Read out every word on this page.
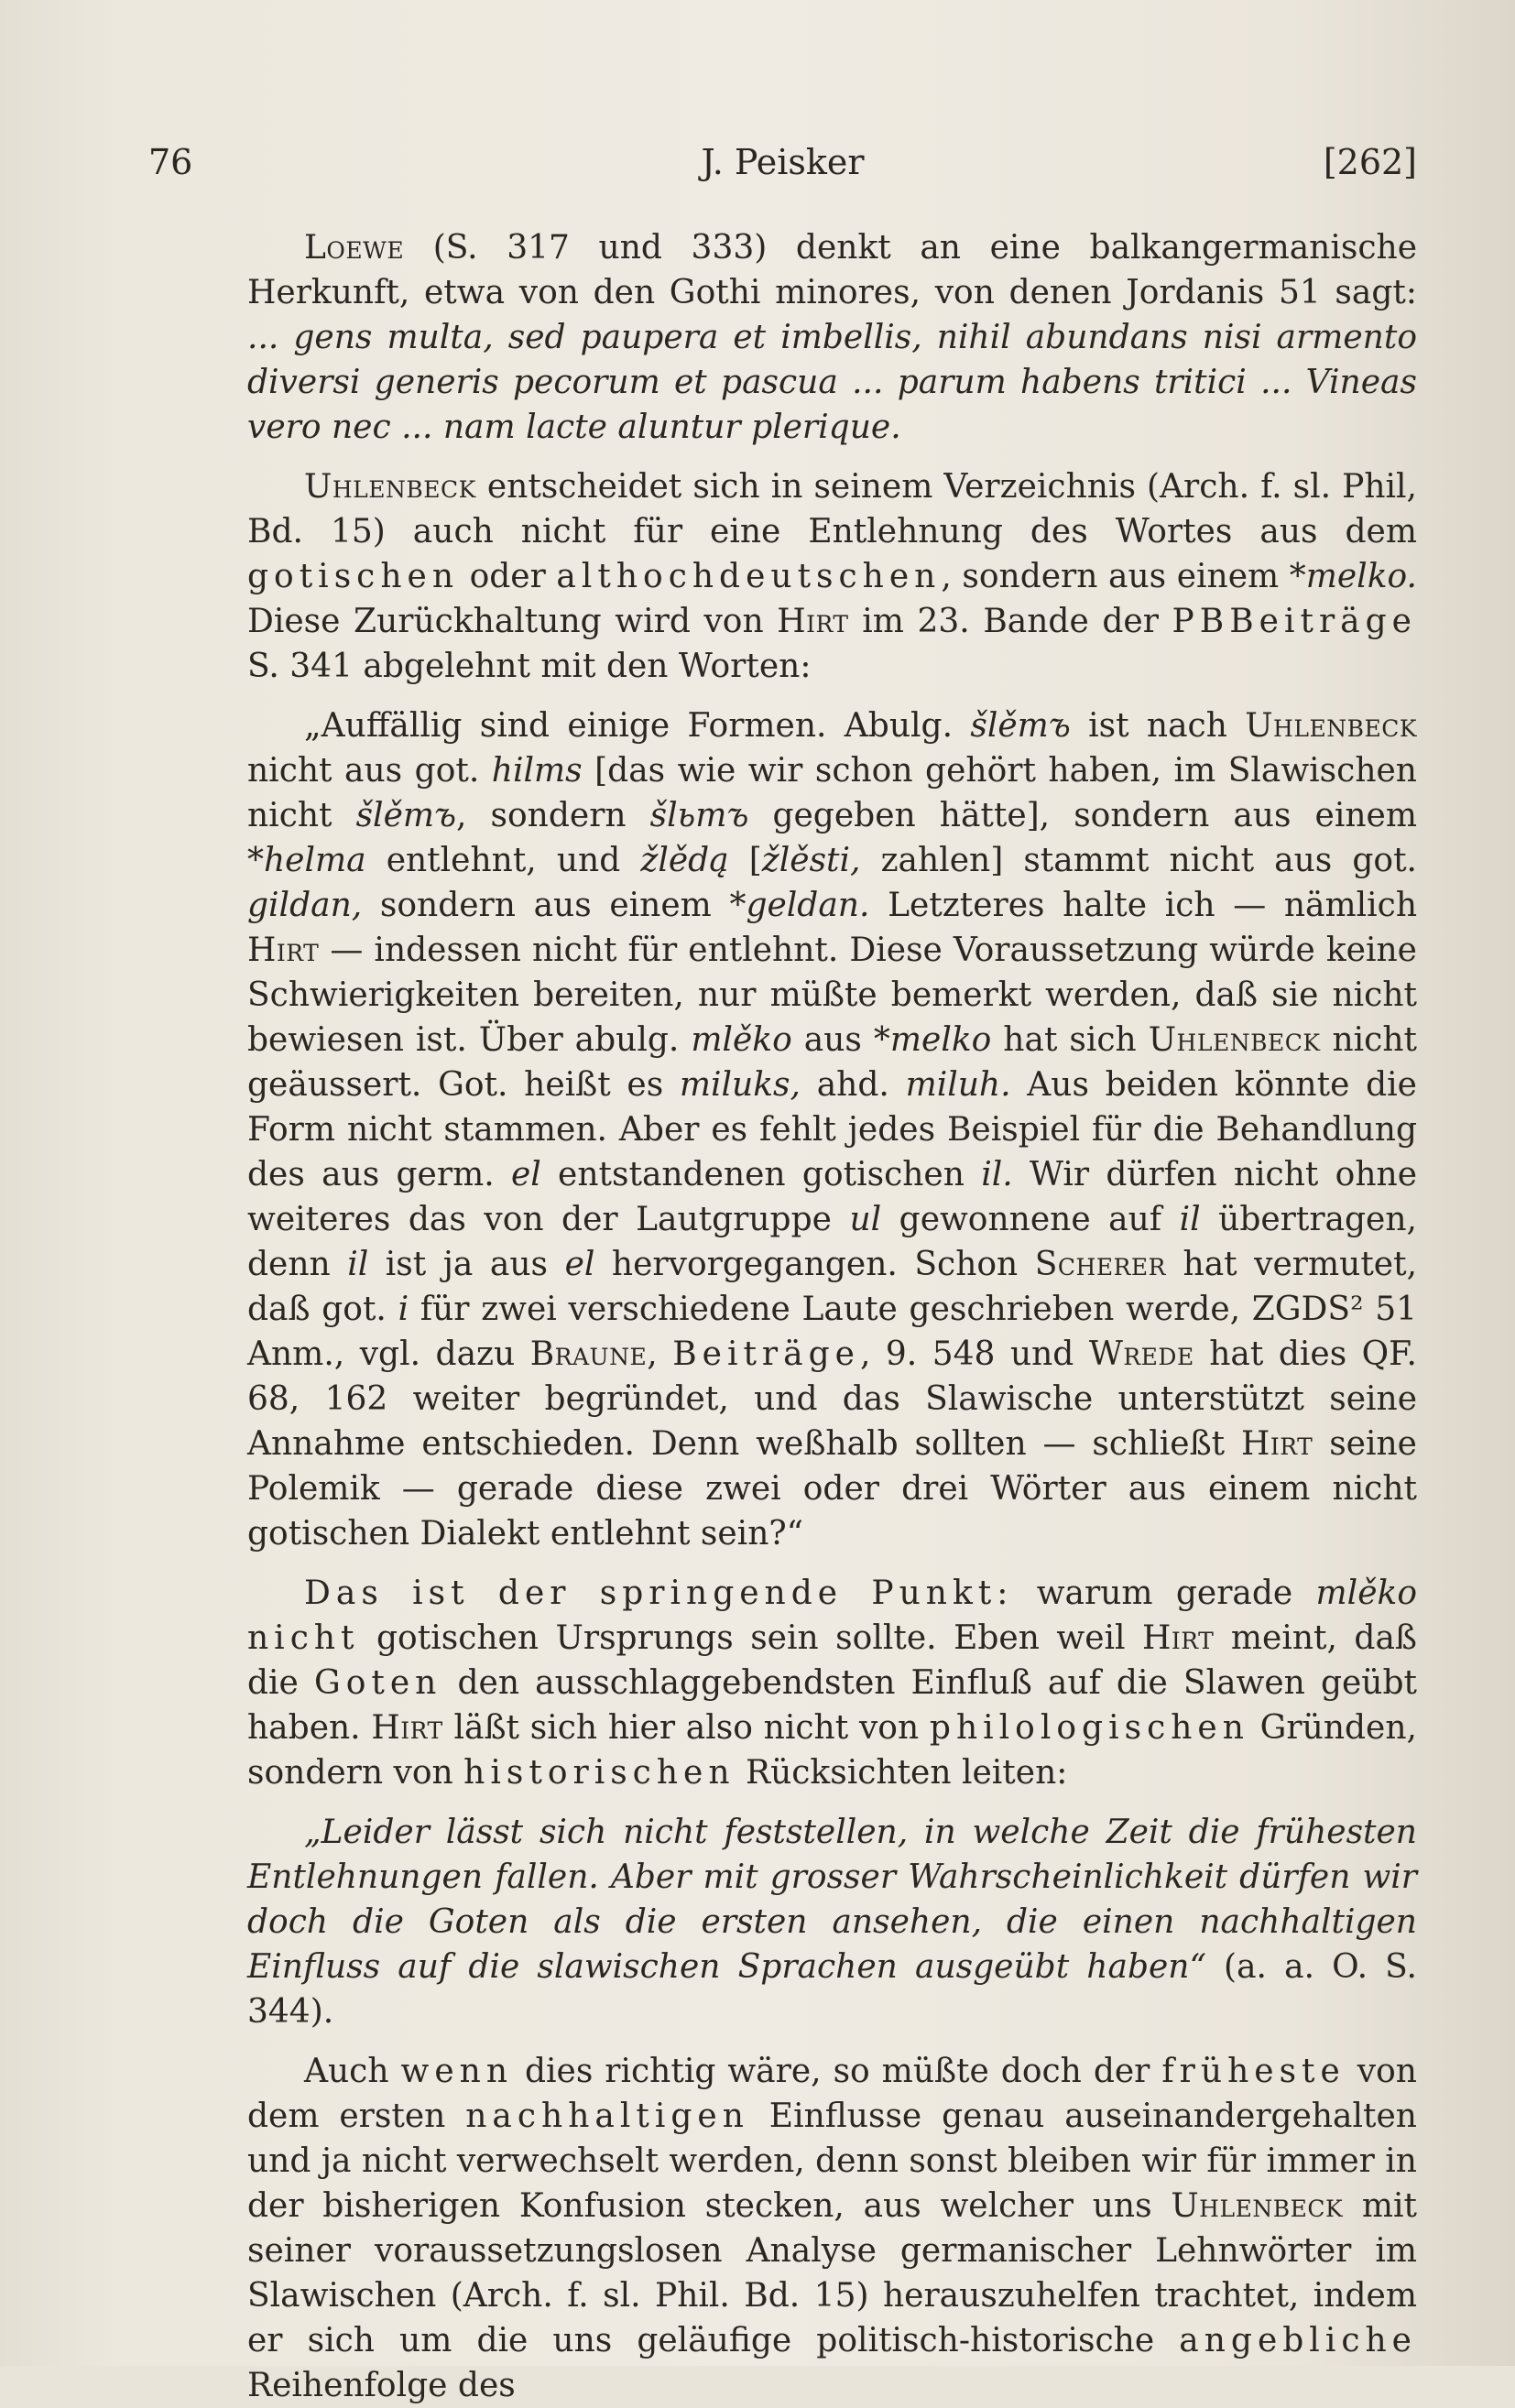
76	J. Peisker	[262]

Loewe (S. 317 und 333) denkt an eine balkangermanische Herkunft, etwa von den Gothi minores, von denen Jordanis 51 sagt: ... gens multa, sed paupera et imbellis, nihil abundans nisi armento diversi generis pecorum et pascua ... parum habens tritici ... Vineas vero nec ... nam lacte aluntur plerique.

Uhlenbeck entscheidet sich in seinem Verzeichnis (Arch. f. sl. Phil, Bd. 15) auch nicht für eine Entlehnung des Wortes aus dem gotischen oder althochdeutschen, sondern aus einem *melko. Diese Zurückhaltung wird von Hirt im 23. Bande der PBBeiträge S. 341 abgelehnt mit den Worten:

„Auffällig sind einige Formen. Abulg. šlěmъ ist nach Uhlenbeck nicht aus got. hilms [das wie wir schon gehört haben, im Slawischen nicht šlěmъ, sondern šlьmъ gegeben hätte], sondern aus einem *helma entlehnt, und žlědą [žlěsti, zahlen] stammt nicht aus got. gildan, sondern aus einem *geldan. Letzteres halte ich — nämlich Hirt — indessen nicht für entlehnt. Diese Voraussetzung würde keine Schwierigkeiten bereiten, nur müßte bemerkt werden, daß sie nicht bewiesen ist. Über abulg. mlěko aus *melko hat sich Uhlenbeck nicht geäussert. Got. heißt es miluks, ahd. miluh. Aus beiden könnte die Form nicht stammen. Aber es fehlt jedes Beispiel für die Behandlung des aus germ. el entstandenen gotischen il. Wir dürfen nicht ohne weiteres das von der Lautgruppe ul gewonnene auf il übertragen, denn il ist ja aus el hervorgegangen. Schon Scherer hat vermutet, daß got. i für zwei verschiedene Laute geschrieben werde, ZGDS² 51 Anm., vgl. dazu Braune, Beiträge, 9. 548 und Wrede hat dies QF. 68, 162 weiter begründet, und das Slawische unterstützt seine Annahme entschieden. Denn weßhalb sollten — schließt Hirt seine Polemik — gerade diese zwei oder drei Wörter aus einem nicht gotischen Dialekt entlehnt sein?“

Das ist der springende Punkt: warum gerade mlěko nicht gotischen Ursprungs sein sollte. Eben weil Hirt meint, daß die Goten den ausschlaggebendsten Einfluß auf die Slawen geübt haben. Hirt läßt sich hier also nicht von philologischen Gründen, sondern von historischen Rücksichten leiten:

„Leider lässt sich nicht feststellen, in welche Zeit die frühesten Entlehnungen fallen. Aber mit grosser Wahrscheinlichkeit dürfen wir doch die Goten als die ersten ansehen, die einen nachhaltigen Einfluss auf die slawischen Sprachen ausgeübt haben“ (a. a. O. S. 344).

Auch wenn dies richtig wäre, so müßte doch der früheste von dem ersten nachhaltigen Einflusse genau auseinandergehalten und ja nicht verwechselt werden, denn sonst bleiben wir für immer in der bisherigen Konfusion stecken, aus welcher uns Uhlenbeck mit seiner voraussetzungslosen Analyse germanischer Lehnwörter im Slawischen (Arch. f. sl. Phil. Bd. 15) herauszuhelfen trachtet, indem er sich um die uns geläufige politisch-historische angebliche Reihenfolge des
